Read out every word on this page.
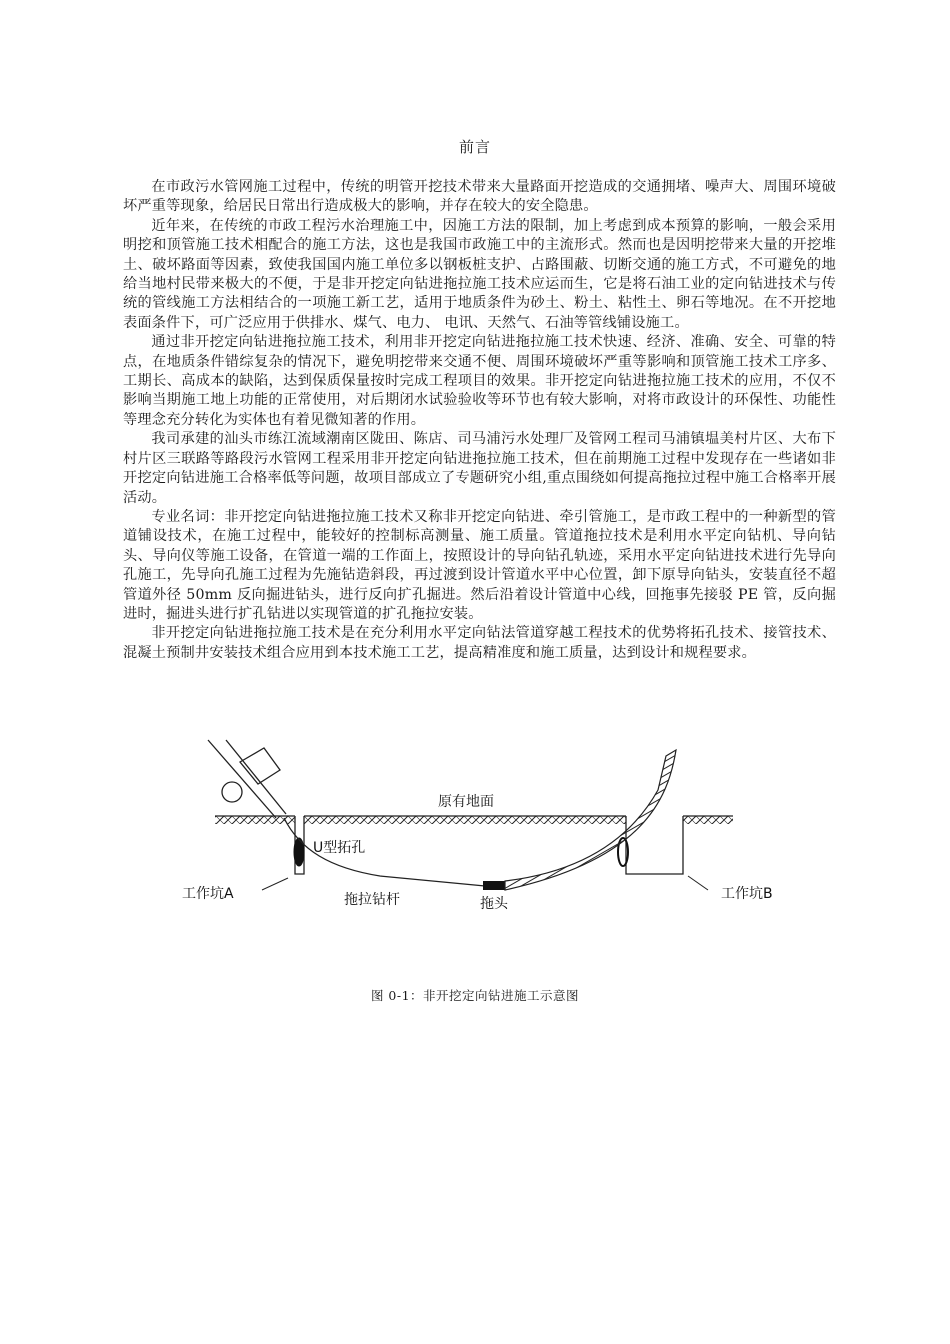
前言

在市政污水管网施工过程中，传统的明管开挖技术带来大量路面开挖造成的交通拥堵、噪声大、周围环境破坏严重等现象，给居民日常出行造成极大的影响，并存在较大的安全隐患。

近年来，在传统的市政工程污水治理施工中，因施工方法的限制，加上考虑到成本预算的影响，一般会采用明挖和顶管施工技术相配合的施工方法，这也是我国市政施工中的主流形式。然而也是因明挖带来大量的开挖堆土、破坏路面等因素，致使我国国内施工单位多以钢板桩支护、占路围蔽、切断交通的施工方式，不可避免的地给当地村民带来极大的不便，于是非开挖定向钻进拖拉施工技术应运而生，它是将石油工业的定向钻进技术与传统的管线施工方法相结合的一项施工新工艺，适用于地质条件为砂土、粉土、粘性土、卵石等地况。在不开挖地表面条件下，可广泛应用于供排水、煤气、电力、 电讯、天然气、石油等管线铺设施工。

通过非开挖定向钻进拖拉施工技术，利用非开挖定向钻进拖拉施工技术快速、经济、准确、安全、可靠的特点，在地质条件错综复杂的情况下，避免明挖带来交通不便、周围环境破坏严重等影响和顶管施工技术工序多、工期长、高成本的缺陷，达到保质保量按时完成工程项目的效果。非开挖定向钻进拖拉施工技术的应用，不仅不影响当期施工地上功能的正常使用，对后期闭水试验验收等环节也有较大影响，对将市政设计的环保性、功能性等理念充分转化为实体也有着见微知著的作用。

我司承建的汕头市练江流域潮南区陇田、陈店、司马浦污水处理厂及管网工程司马浦镇塭美村片区、大布下村片区三联路等路段污水管网工程采用非开挖定向钻进拖拉施工技术，但在前期施工过程中发现存在一些诸如非开挖定向钻进施工合格率低等问题，故项目部成立了专题研究小组,重点围绕如何提高拖拉过程中施工合格率开展活动。

专业名词：非开挖定向钻进拖拉施工技术又称非开挖定向钻进、牵引管施工，是市政工程中的一种新型的管道铺设技术，在施工过程中，能较好的控制标高测量、施工质量。管道拖拉技术是利用水平定向钻机、导向钻头、导向仪等施工设备，在管道一端的工作面上，按照设计的导向钻孔轨迹，采用水平定向钻进技术进行先导向孔施工，先导向孔施工过程为先施钻造斜段，再过渡到设计管道水平中心位置，卸下原导向钻头，安装直径不超管道外径 50mm 反向掘进钻头，进行反向扩孔掘进。然后沿着设计管道中心线，回拖事先接驳 PE 管，反向掘进时，掘进头进行扩孔钻进以实现管道的扩孔拖拉安装。

非开挖定向钻进拖拉施工技术是在充分利用水平定向钻法管道穿越工程技术的优势将拓孔技术、接管技术、混凝土预制井安装技术组合应用到本技术施工工艺，提高精准度和施工质量，达到设计和规程要求。

原有地面
U型拓孔
工作坑A	工作坑B
拖拉钻杆	拖头
图 0-1：非开挖定向钻进施工示意图
